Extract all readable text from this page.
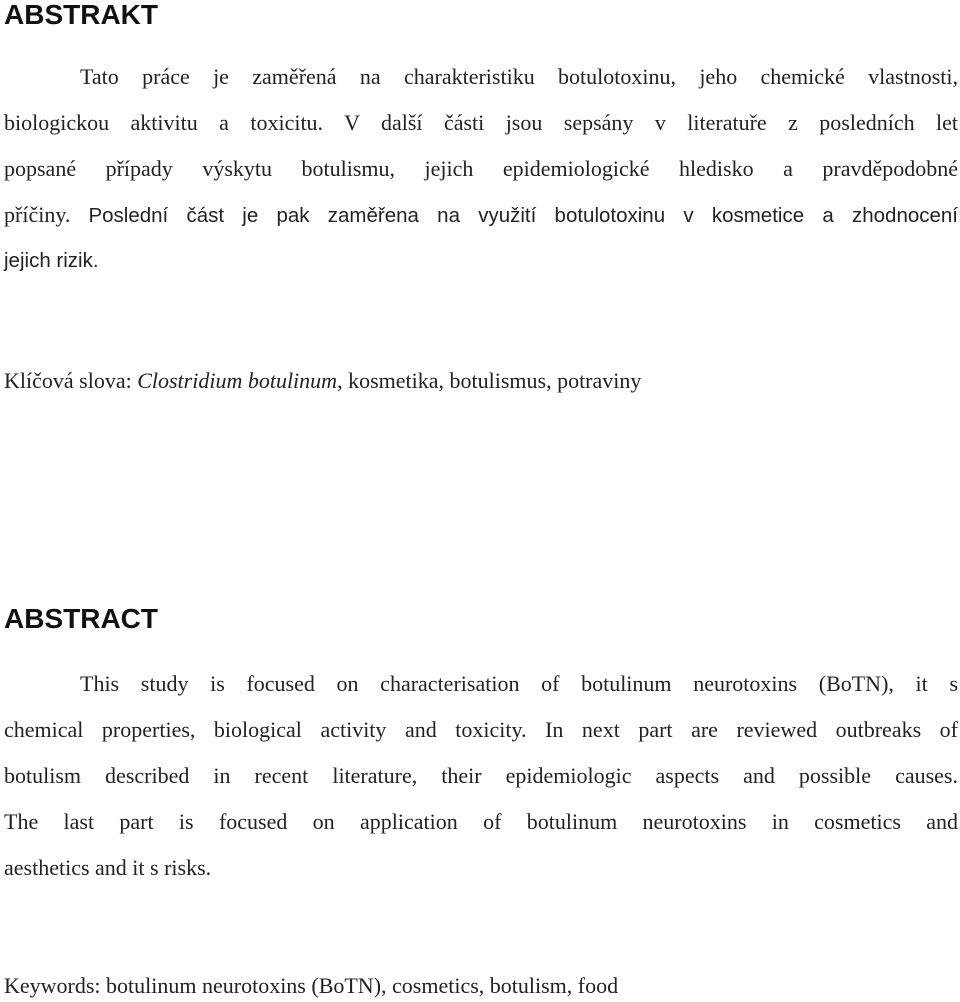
ABSTRAKT
Tato práce je zaměřená na charakteristiku botulotoxinu, jeho chemické vlastnosti,
biologickou aktivitu a toxicitu. V další části jsou sepsány v literatuře z posledních let
popsané případy výskytu botulismu, jejich epidemiologické hledisko a pravděpodobné
příčiny. Poslední část je pak zaměřena na využití botulotoxinu v kosmetice a zhodnocení
jejich rizik.
Klíčová slova: Clostridium botulinum, kosmetika, botulismus, potraviny
ABSTRACT
This study is focused on characterisation of botulinum neurotoxins (BoTN), it s
chemical properties, biological activity and toxicity. In next part are reviewed outbreaks of
botulism described in recent literature, their epidemiologic aspects and possible causes.
The last part is focused on application of botulinum neurotoxins in cosmetics and
aesthetics and it s risks.
Keywords: botulinum neurotoxins (BoTN), cosmetics, botulism, food
